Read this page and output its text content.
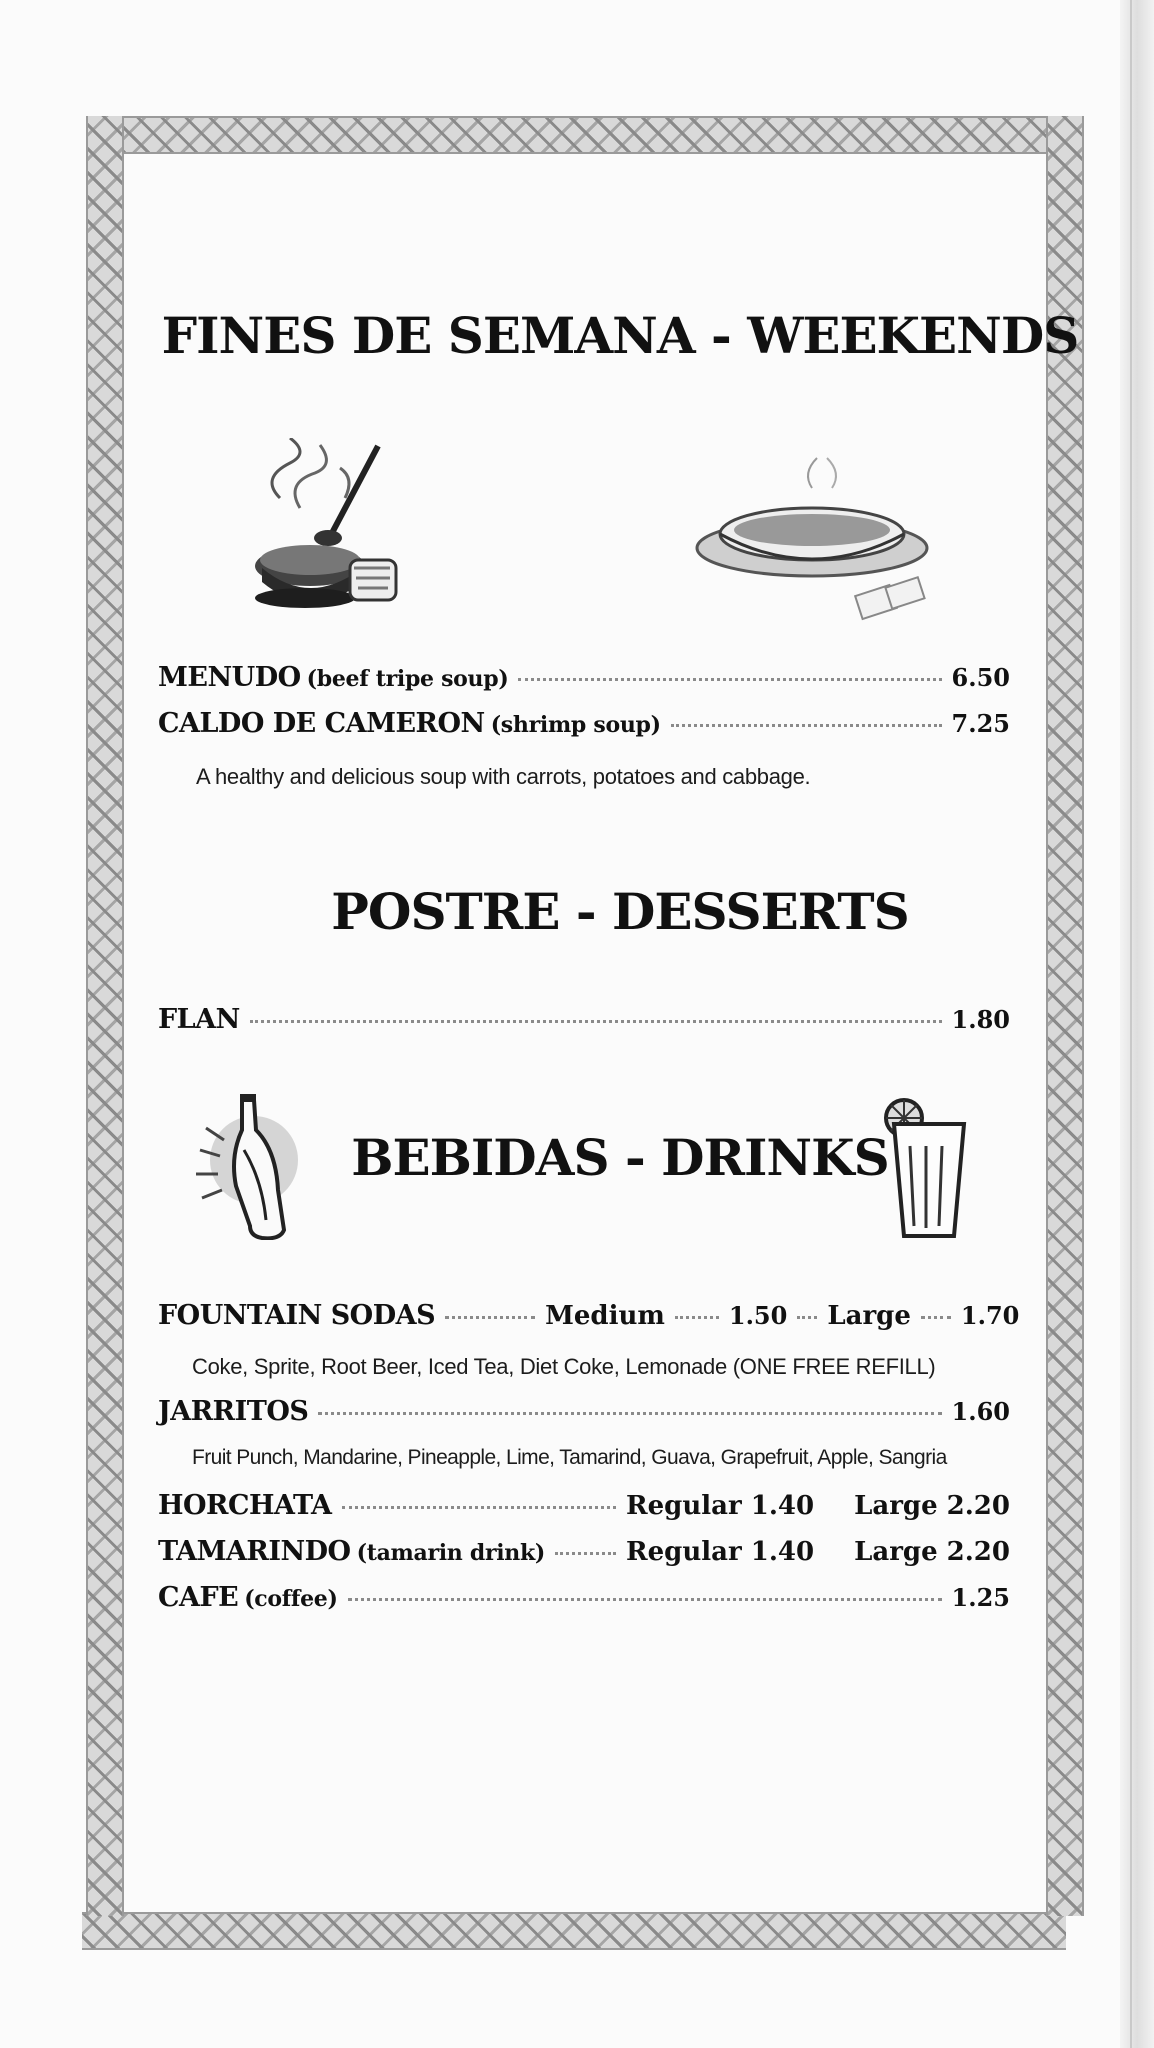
FINES DE SEMANA - WEEKENDS
MENUDO (beef tripe soup)	6.50
CALDO DE CAMERON (shrimp soup)	7.25
A healthy and delicious soup with carrots, potatoes and cabbage.
POSTRE - DESSERTS
FLAN	1.80
BEBIDAS - DRINKS
FOUNTAIN SODAS	Medium	1.50 Large 1.70
Coke, Sprite, Root Beer, Iced Tea, Diet Coke, Lemonade (ONE FREE REFILL)
JARRITOS	1.60
Fruit Punch, Mandarine, Pineapple, Lime, Tamarind, Guava, Grapefruit, Apple, Sangria
HORCHATA	Regular 1.40 Large 2.20
TAMARINDO (tamarin drink)	Regular 1.40 Large 2.20
CAFE (coffee)	1.25
